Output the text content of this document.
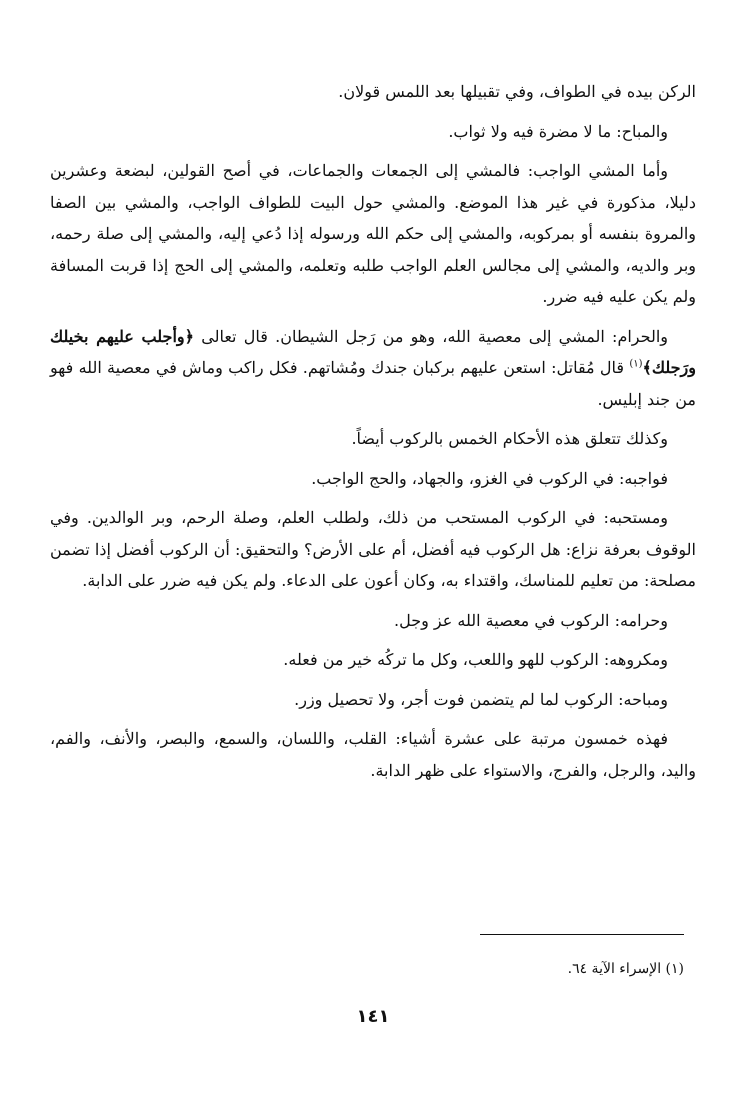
الركن بيده في الطواف، وفي تقبيلها بعد اللمس قولان.

والمباح: ما لا مضرة فيه ولا ثواب.

وأما المشي الواجب: فالمشي إلى الجمعات والجماعات، في أصح القولين، لبضعة وعشرين دليلا، مذكورة في غير هذا الموضع. والمشي حول البيت للطواف الواجب، والمشي بين الصفا والمروة بنفسه أو بمركوبه، والمشي إلى حكم الله ورسوله إذا دُعي إليه، والمشي إلى صلة رحمه، وبر والديه، والمشي إلى مجالس العلم الواجب طلبه وتعلمه، والمشي إلى الحج إذا قربت المسافة ولم يكن عليه فيه ضرر.

والحرام: المشي إلى معصية الله، وهو من رَجل الشيطان. قال تعالى ﴿وأجلب عليهم بخيلك ورَجلك﴾$^{(١)}$ قال مُقاتل: استعن عليهم بركبان جندك ومُشاتهم. فكل راكب وماش في معصية الله فهو من جند إبليس.

وكذلك تتعلق هذه الأحكام الخمس بالركوب أيضاً.

فواجبه: في الركوب في الغزو، والجهاد، والحج الواجب.

ومستحبه: في الركوب المستحب من ذلك، ولطلب العلم، وصلة الرحم، وبر الوالدين. وفي الوقوف بعرفة نزاع: هل الركوب فيه أفضل، أم على الأرض؟ والتحقيق: أن الركوب أفضل إذا تضمن مصلحة: من تعليم للمناسك، واقتداء به، وكان أعون على الدعاء. ولم يكن فيه ضرر على الدابة.

وحرامه: الركوب في معصية الله عز وجل.

ومكروهه: الركوب للهو واللعب، وكل ما تركُه خير من فعله.

ومباحه: الركوب لما لم يتضمن فوت أجر، ولا تحصيل وزر.

فهذه خمسون مرتبة على عشرة أشياء: القلب، واللسان، والسمع، والبصر، والأنف، والفم، واليد، والرجل، والفرج، والاستواء على ظهر الدابة.

(١) الإسراء الآية ٦٤.
١٤١
